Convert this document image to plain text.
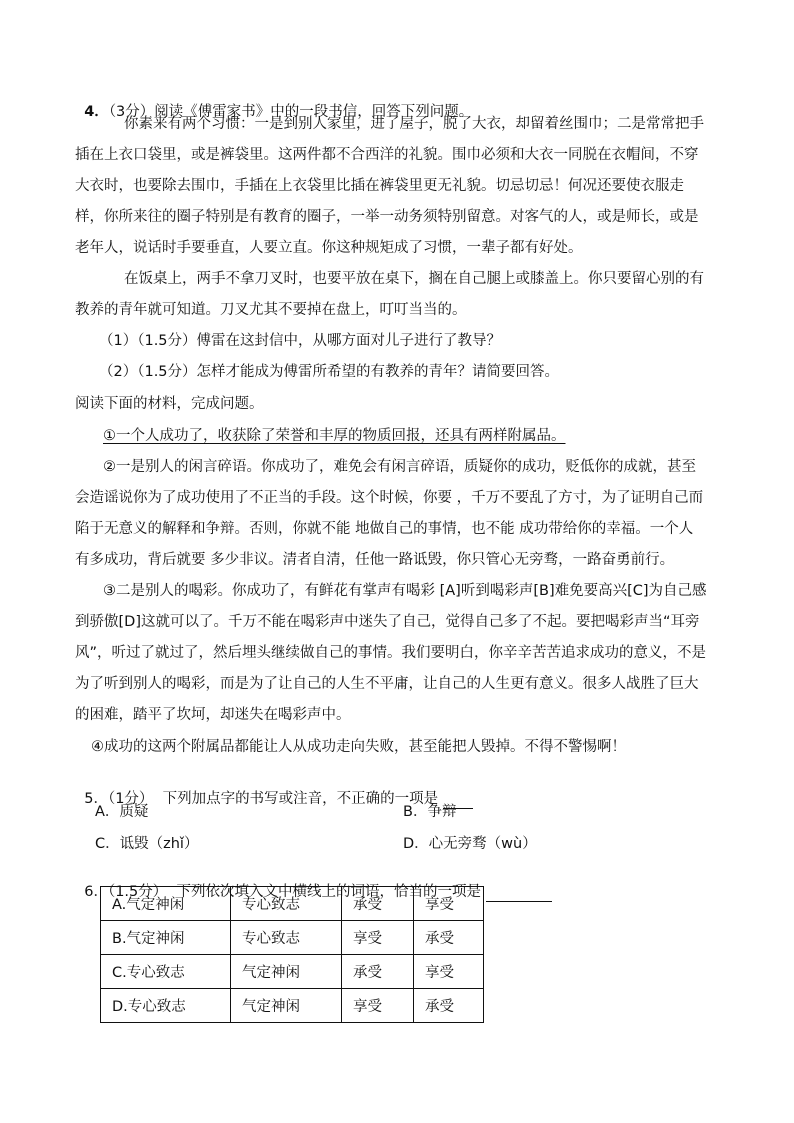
4．（3分）阅读《傅雷家书》中的一段书信，回答下列问题。

你素来有两个习惯：一是到别人家里，进了屋子，脱了大衣，却留着丝围巾；二是常常把手
插在上衣口袋里，或是裤袋里。这两件都不合西洋的礼貌。围巾必须和大衣一同脱在衣帽间，不穿
大衣时，也要除去围巾，手插在上衣袋里比插在裤袋里更无礼貌。切忌切忌！何况还要使衣服走
样，你所来往的圈子特别是有教育的圈子，一举一动务须特别留意。对客气的人，或是师长，或是
老年人，说话时手要垂直，人要立直。你这种规矩成了习惯，一辈子都有好处。
在饭桌上，两手不拿刀叉时，也要平放在桌下，搁在自己腿上或膝盖上。你只要留心别的有
教养的青年就可知道。刀叉尤其不要掉在盘上，叮叮当当的。
（1）（1.5分）傅雷在这封信中，从哪方面对儿子进行了教导？
（2）（1.5分）怎样才能成为傅雷所希望的有教养的青年？请简要回答。
阅读下面的材料，完成问题。
①一个人成功了，收获除了荣誉和丰厚的物质回报，还具有两样附属品。
②一是别人的闲言碎语。你成功了，难免会有闲言碎语，质疑你的成功，贬低你的成就，甚至
会造谣说你为了成功使用了不正当的手段。这个时候，你要 ，千万不要乱了方寸，为了证明自己而
陷于无意义的解释和争辩。否则，你就不能 地做自己的事情，也不能 成功带给你的幸福。一个人
有多成功，背后就要 多少非议。清者自清，任他一路诋毁，你只管心无旁骛，一路奋勇前行。
③二是别人的喝彩。你成功了，有鲜花有掌声有喝彩 [A]听到喝彩声[B]难免要高兴[C]为自己感
到骄傲[D]这就可以了。千万不能在喝彩声中迷失了自己，觉得自己多了不起。要把喝彩声当“耳旁
风”，听过了就过了，然后埋头继续做自己的事情。我们要明白，你辛辛苦苦追求成功的意义，不是
为了听到别人的喝彩，而是为了让自己的人生不平庸，让自己的人生更有意义。很多人战胜了巨大
的困难，踏平了坎坷，却迷失在喝彩声中。
④成功的这两个附属品都能让人从成功走向失败，甚至能把人毁掉。不得不警惕啊！

5．（1分）  下列加点字的书写或注音，不正确的一项是

A．质疑	B．争辩
C．诋毁（zhǐ）	D．心无旁骛（wù）

6．（1.5分）  下列依次填入文中横线上的词语，恰当的一项是

A.气定神闲	专心致志	承受	享受
B.气定神闲	专心致志	享受	承受
C.专心致志	气定神闲	承受	享受
D.专心致志	气定神闲	享受	承受
